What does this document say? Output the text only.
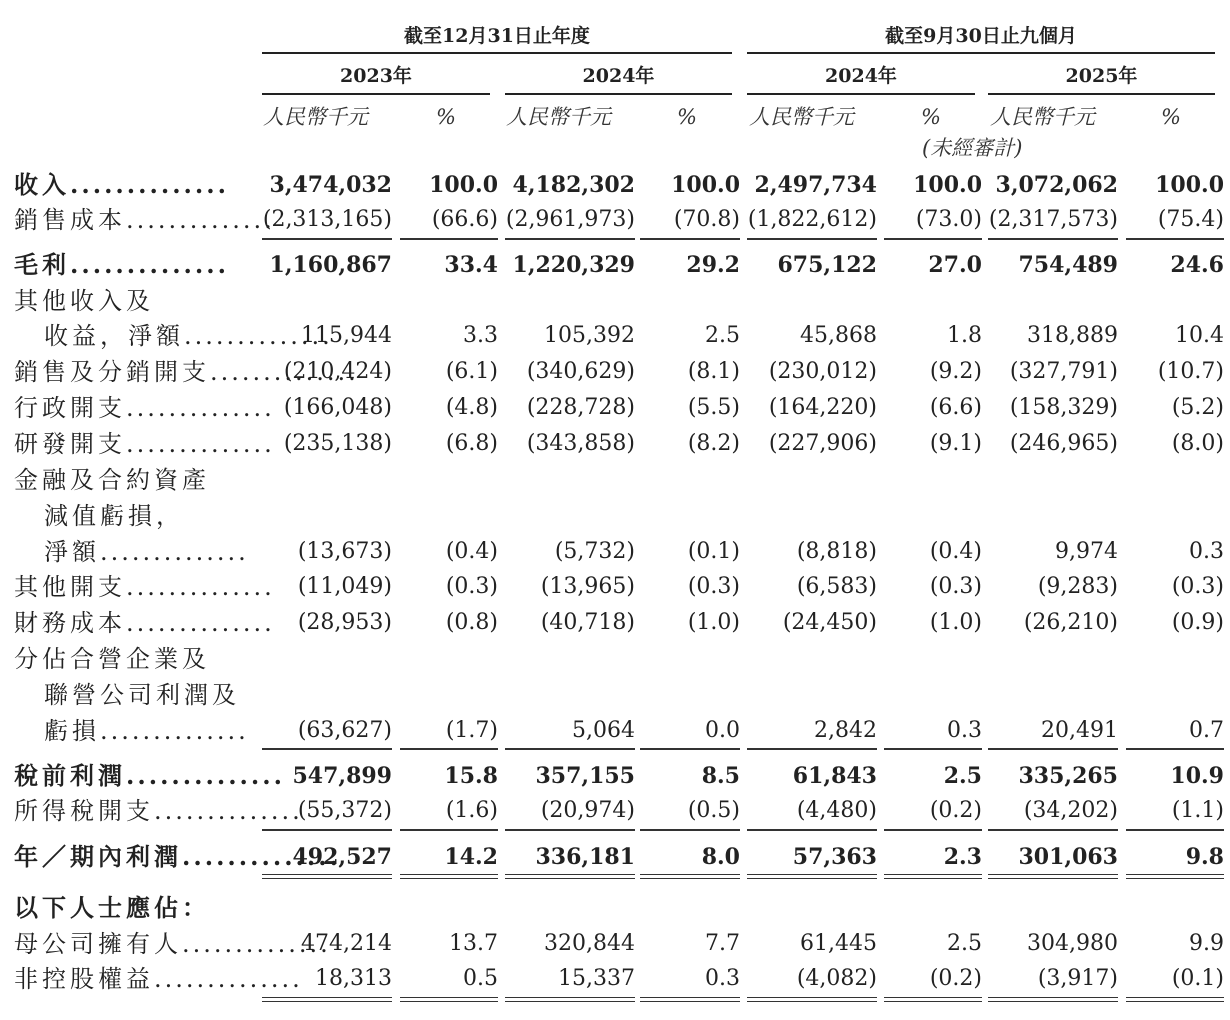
截至12月31日止年度	截至9月30日止九個月
2023年	2024年	2024年	2025年
人民幣千元	% 人民幣千元	% 人民幣千元	% 人民幣千元	%
(未經審計)
收入 .....	3,474,032	100.0 4,182,302	100.0 2,497,734	100.0 3,072,062	100.0
銷售成本 .....	(2,313,165)	(66.6) (2,961,973)	(70.8) (1,822,612)	(73.0) (2,317,573)	(75.4)
毛利 .....	1,160,867	33.4 1,220,329	29.2	675,122	27.0	754,489	24.6
其他收入及
收益，淨額 .....	115,944	3.3	105,392	2.5	45,868	1.8	318,889	10.4
銷售及分銷開支 .....	(210,424)	(6.1)	(340,629)	(8.1)	(230,012)	(9.2)	(327,791)	(10.7)
行政開支 .....	(166,048)	(4.8)	(228,728)	(5.5)	(164,220)	(6.6)	(158,329)	(5.2)
研發開支 .....	(235,138)	(6.8)	(343,858)	(8.2)	(227,906)	(9.1)	(246,965)	(8.0)
金融及合約資產
減值虧損，
淨額 .....	(13,673)	(0.4)	(5,732)	(0.1)	(8,818)	(0.4)	9,974	0.3
其他開支 .....	(11,049)	(0.3)	(13,965)	(0.3)	(6,583)	(0.3)	(9,283)	(0.3)
財務成本 .....	(28,953)	(0.8)	(40,718)	(1.0)	(24,450)	(1.0)	(26,210)	(0.9)
分佔合營企業及
聯營公司利潤及
虧損 .....	(63,627)	(1.7)	5,064	0.0	2,842	0.3	20,491	0.7
稅前利潤 .....	547,899	15.8	357,155	8.5	61,843	2.5	335,265	10.9
所得稅開支 .....	(55,372)	(1.6)	(20,974)	(0.5)	(4,480)	(0.2)	(34,202)	(1.1)
年／期內利潤 .....	492,527	14.2	336,181	8.0	57,363	2.3	301,063	9.8
以下人士應佔：
母公司擁有人 .....	474,214	13.7	320,844	7.7	61,445	2.5	304,980	9.9
非控股權益 .....	18,313	0.5	15,337	0.3	(4,082)	(0.2)	(3,917)	(0.1)
